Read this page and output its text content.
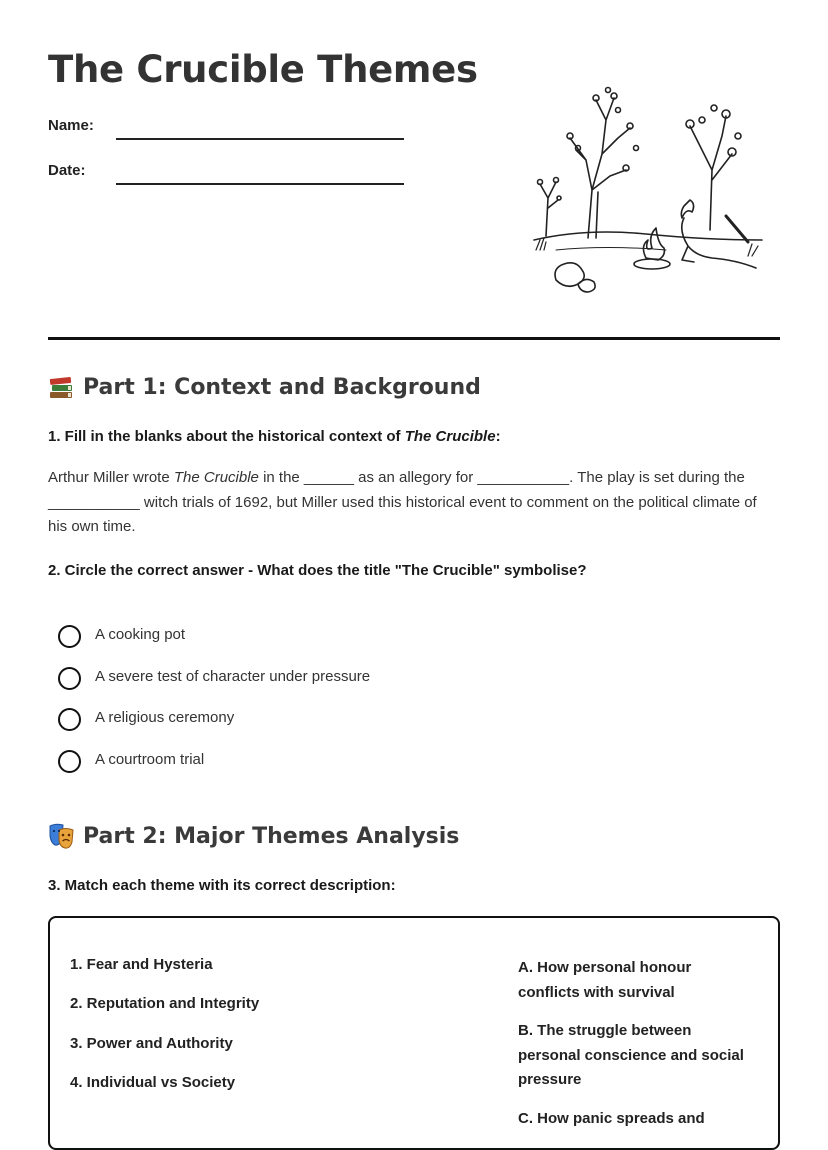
The Crucible Themes
Name:
Date:
Part 1: Context and Background
1. Fill in the blanks about the historical context of The Crucible:
Arthur Miller wrote The Crucible in the ______ as an allegory for ___________. The play is set during the ___________ witch trials of 1692, but Miller used this historical event to comment on the political climate of his own time.
2. Circle the correct answer - What does the title "The Crucible" symbolise?
A cooking pot
A severe test of character under pressure
A religious ceremony
A courtroom trial
Part 2: Major Themes Analysis
3. Match each theme with its correct description:
1. Fear and Hysteria
2. Reputation and Integrity
3. Power and Authority
4. Individual vs Society
A. How personal honour conflicts with survival
B. The struggle between personal conscience and social pressure
C. How panic spreads and
